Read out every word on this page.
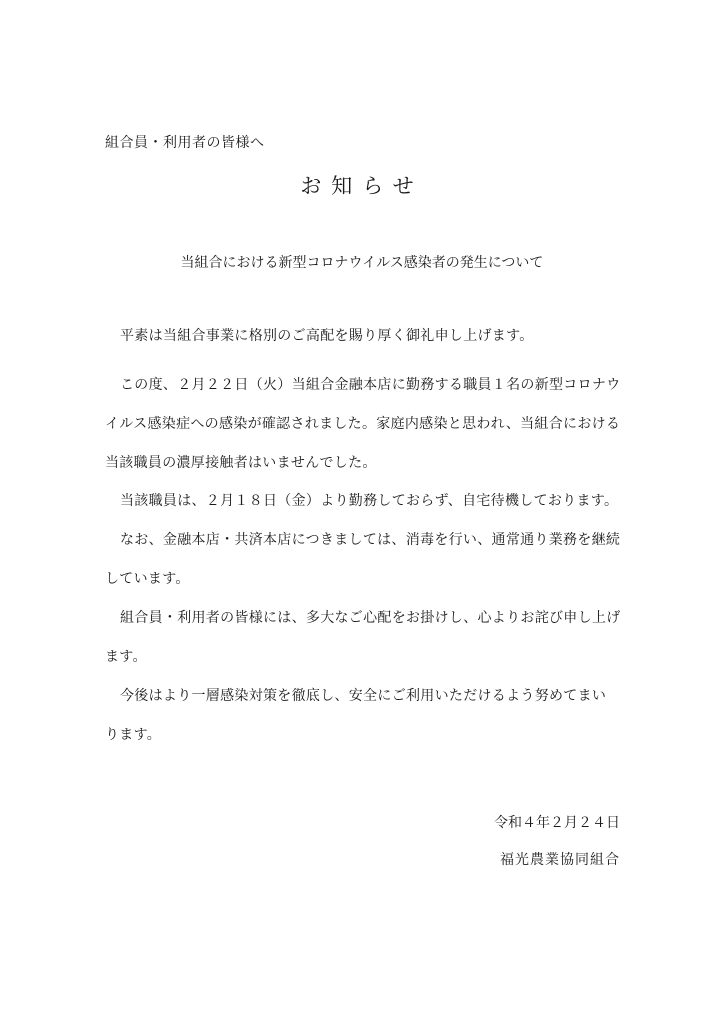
組合員・利用者の皆様へ
お知らせ
当組合における新型コロナウイルス感染者の発生について
平素は当組合事業に格別のご高配を賜り厚く御礼申し上げます。
この度、２月２２日（火）当組合金融本店に勤務する職員１名の新型コロナウ
イルス感染症への感染が確認されました。家庭内感染と思われ、当組合における
当該職員の濃厚接触者はいませんでした。
当該職員は、２月１８日（金）より勤務しておらず、自宅待機しております。
なお、金融本店・共済本店につきましては、消毒を行い、通常通り業務を継続
しています。
組合員・利用者の皆様には、多大なご心配をお掛けし、心よりお詫び申し上げ
ます。
今後はより一層感染対策を徹底し、安全にご利用いただけるよう努めてまい
ります。
令和４年２月２４日
福光農業協同組合
